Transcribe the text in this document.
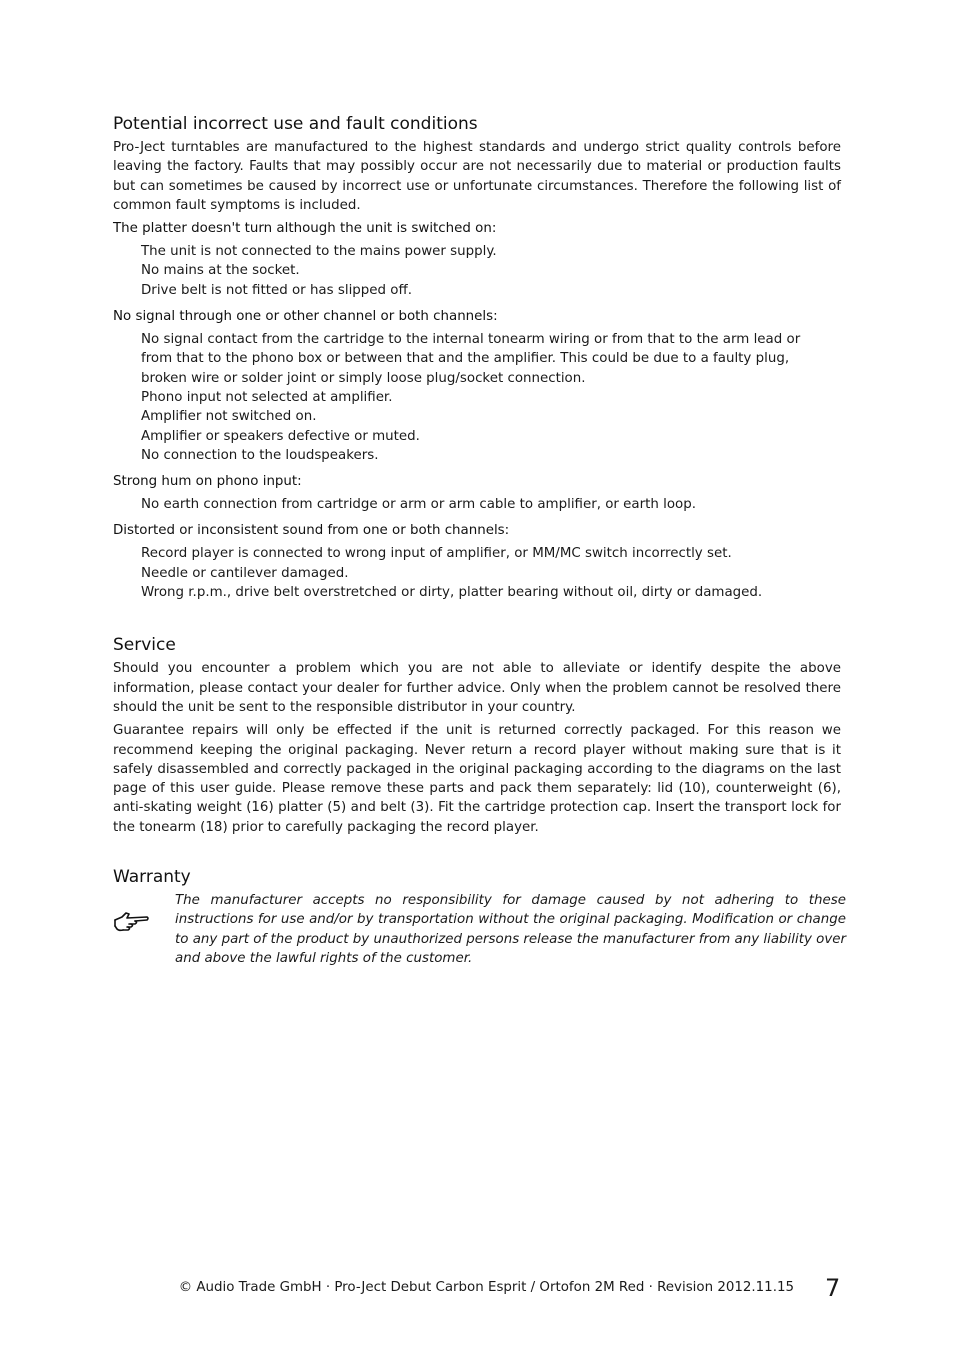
Potential incorrect use and fault conditions

Pro-Ject turntables are manufactured to the highest standards and undergo strict quality controls before leaving the factory. Faults that may possibly occur are not necessarily due to material or production faults but can sometimes be caused by incorrect use or unfortunate circumstances. Therefore the following list of common fault symptoms is included.

The platter doesn't turn although the unit is switched on:
The unit is not connected to the mains power supply.
No mains at the socket.
Drive belt is not fitted or has slipped off.
No signal through one or other channel or both channels:
No signal contact from the cartridge to the internal tonearm wiring or from that to the arm lead or from that to the phono box or between that and the amplifier. This could be due to a faulty plug, broken wire or solder joint or simply loose plug/socket connection.
Phono input not selected at amplifier.
Amplifier not switched on.
Amplifier or speakers defective or muted.
No connection to the loudspeakers.
Strong hum on phono input:
No earth connection from cartridge or arm or arm cable to amplifier, or earth loop.
Distorted or inconsistent sound from one or both channels:
Record player is connected to wrong input of amplifier, or MM/MC switch incorrectly set.
Needle or cantilever damaged.
Wrong r.p.m., drive belt overstretched or dirty, platter bearing without oil, dirty or damaged.
Service

Should you encounter a problem which you are not able to alleviate or identify despite the above information, please contact your dealer for further advice. Only when the problem cannot be resolved there should the unit be sent to the responsible distributor in your country.

Guarantee repairs will only be effected if the unit is returned correctly packaged. For this reason we recommend keeping the original packaging. Never return a record player without making sure that is it safely disassembled and correctly packaged in the original packaging according to the diagrams on the last page of this user guide. Please remove these parts and pack them separately: lid (10), counterweight (6), anti-skating weight (16) platter (5) and belt (3). Fit the cartridge protection cap. Insert the transport lock for the tonearm (18) prior to carefully packaging the record player.

Warranty

The manufacturer accepts no responsibility for damage caused by not adhering to these instructions for use and/or by transportation without the original packaging. Modification or change to any part of the product by unauthorized persons release the manufacturer from any liability over and above the lawful rights of the customer.

© Audio Trade GmbH · Pro-Ject Debut Carbon Esprit / Ortofon 2M Red · Revision 2012.11.15 7
